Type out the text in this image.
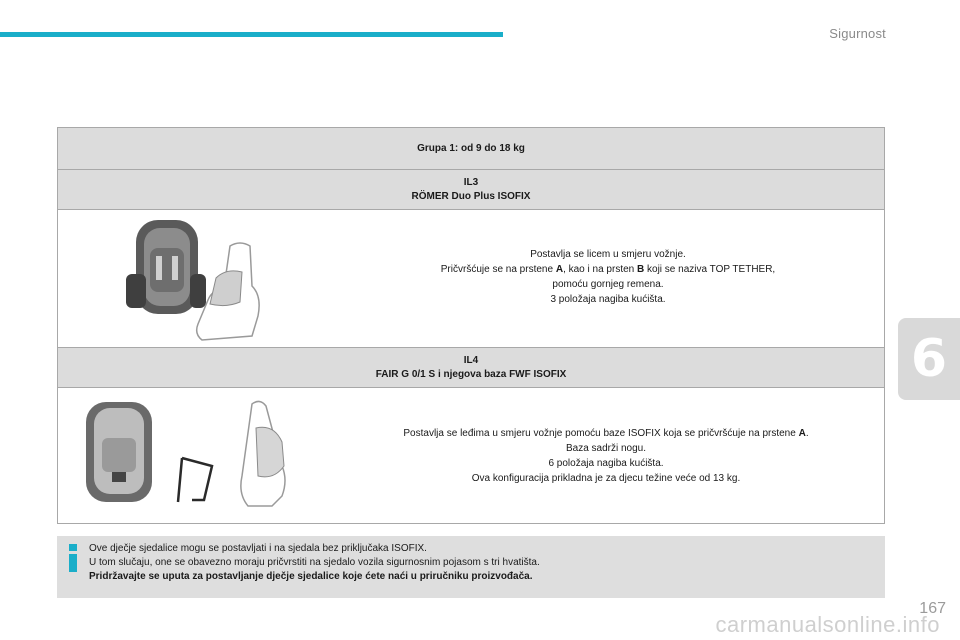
Sigurnost
6
Grupa 1: od 9 do 18 kg
IL3
RÖMER Duo Plus ISOFIX
Postavlja se licem u smjeru vožnje.
Pričvršćuje se na prstene A, kao i na prsten B koji se naziva TOP TETHER,
pomoću gornjeg remena.
3 položaja nagiba kućišta.
IL4
FAIR G 0/1 S i njegova baza FWF ISOFIX
Postavlja se leđima u smjeru vožnje pomoću baze ISOFIX koja se pričvršćuje na prstene A.
Baza sadrži nogu.
6 položaja nagiba kućišta.
Ova konfiguracija prikladna je za djecu težine veće od 13 kg.
Ove dječje sjedalice mogu se postavljati i na sjedala bez priključaka ISOFIX.
U tom slučaju, one se obavezno moraju pričvrstiti na sjedalo vozila sigurnosnim pojasom s tri hvatišta.
Pridržavajte se uputa za postavljanje dječje sjedalice koje ćete naći u priručniku proizvođača.
carmanualsonline.info
167
